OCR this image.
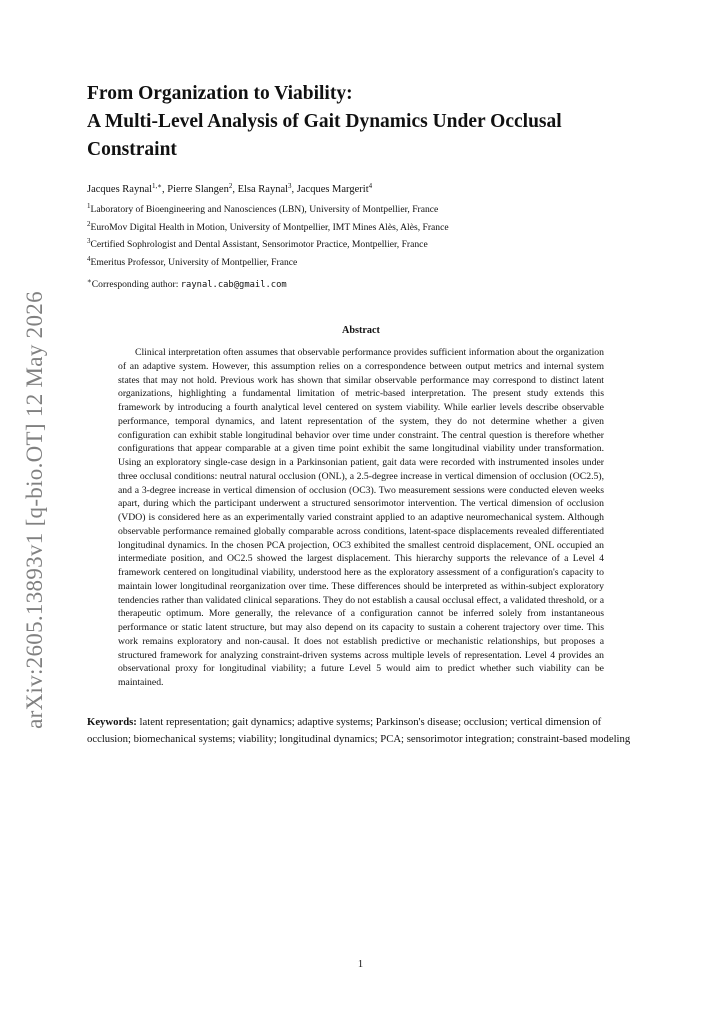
arXiv:2605.13893v1 [q-bio.OT] 12 May 2026
From Organization to Viability:
A Multi-Level Analysis of Gait Dynamics Under Occlusal Constraint
Jacques Raynal$^{1,∗}$, Pierre Slangen$^2$, Elsa Raynal$^3$, Jacques Margerit$^4$
$^1$Laboratory of Bioengineering and Nanosciences (LBN), University of Montpellier, France
$^2$EuroMov Digital Health in Motion, University of Montpellier, IMT Mines Alès, Alès, France
$^3$Certified Sophrologist and Dental Assistant, Sensorimotor Practice, Montpellier, France
$^4$Emeritus Professor, University of Montpellier, France
∗Corresponding author: raynal.cab@gmail.com
Abstract

Clinical interpretation often assumes that observable performance provides sufficient information about the organization of an adaptive system. However, this assumption relies on a correspondence between output metrics and internal system states that may not hold. Previous work has shown that similar observable performance may correspond to distinct latent organizations, highlighting a fundamental limitation of metric-based interpretation. The present study extends this framework by introducing a fourth analytical level centered on system viability. While earlier levels describe observable performance, temporal dynamics, and latent representation of the system, they do not determine whether a given configuration can exhibit stable longitudinal behavior over time under constraint. The central question is therefore whether configurations that appear comparable at a given time point exhibit the same longitudinal viability under transformation. Using an exploratory single-case design in a Parkinsonian patient, gait data were recorded with instrumented insoles under three occlusal conditions: neutral natural occlusion (ONL), a 2.5-degree increase in vertical dimension of occlusion (OC2.5), and a 3-degree increase in vertical dimension of occlusion (OC3). Two measurement sessions were conducted eleven weeks apart, during which the participant underwent a structured sensorimotor intervention. The vertical dimension of occlusion (VDO) is considered here as an experimentally varied constraint applied to an adaptive neuromechanical system. Although observable performance remained globally comparable across conditions, latent-space displacements revealed differentiated longitudinal dynamics. In the chosen PCA projection, OC3 exhibited the smallest centroid displacement, ONL occupied an intermediate position, and OC2.5 showed the largest displacement. This hierarchy supports the relevance of a Level 4 framework centered on longitudinal viability, understood here as the exploratory assessment of a configuration's capacity to maintain lower longitudinal reorganization over time. These differences should be interpreted as within-subject exploratory tendencies rather than validated clinical separations. They do not establish a causal occlusal effect, a validated threshold, or a therapeutic optimum. More generally, the relevance of a configuration cannot be inferred solely from instantaneous performance or static latent structure, but may also depend on its capacity to sustain a coherent trajectory over time. This work remains exploratory and non-causal. It does not establish predictive or mechanistic relationships, but proposes a structured framework for analyzing constraint-driven systems across multiple levels of representation. Level 4 provides an observational proxy for longitudinal viability; a future Level 5 would aim to predict whether such viability can be maintained.

Keywords: latent representation; gait dynamics; adaptive systems; Parkinson's disease; occlusion; vertical dimension of occlusion; biomechanical systems; viability; longitudinal dynamics; PCA; sensorimotor integration; constraint-based modeling
1
